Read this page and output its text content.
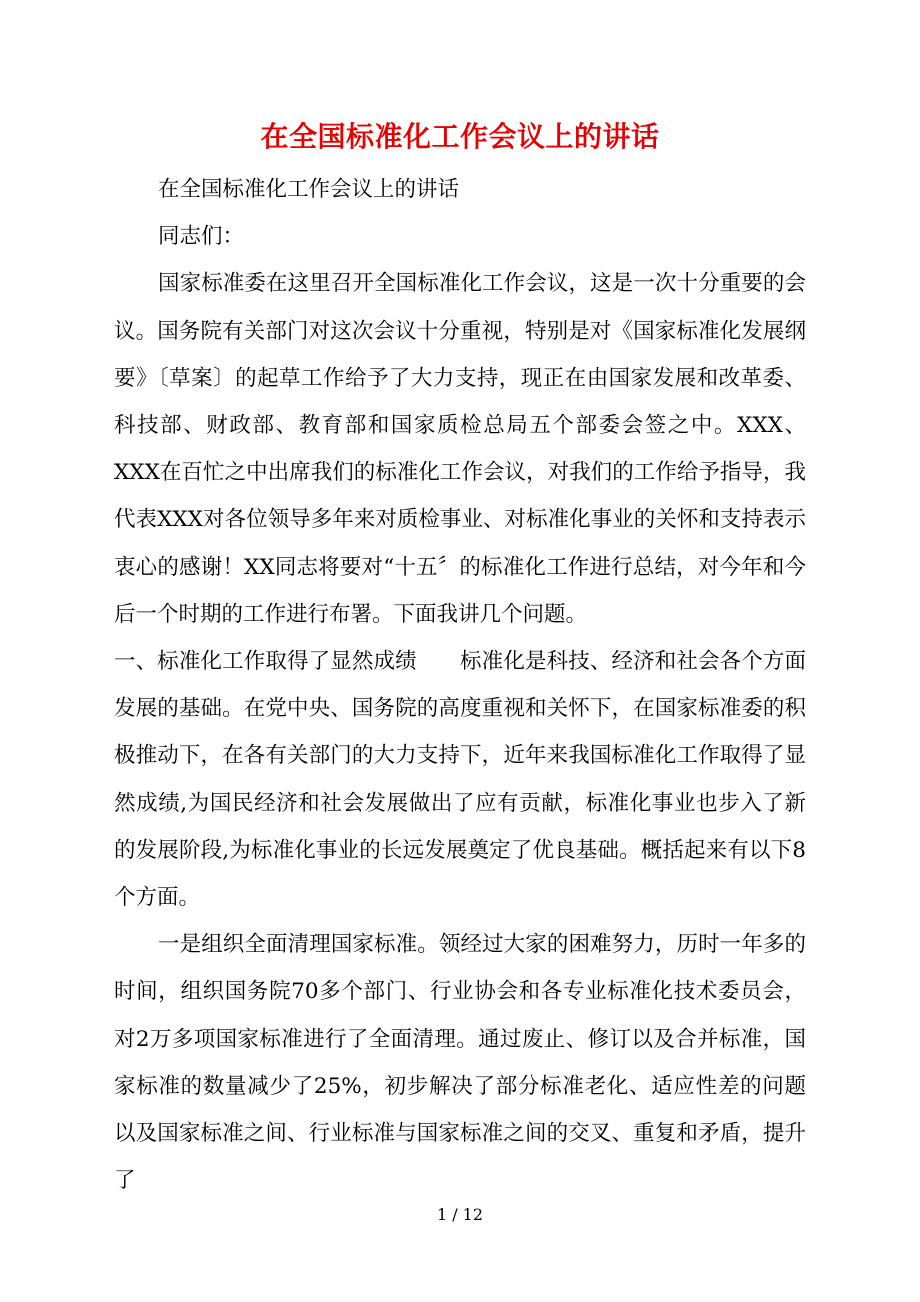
在全国标准化工作会议上的讲话

在全国标准化工作会议上的讲话

同志们：

国家标准委在这里召开全国标准化工作会议，这是一次十分重要的会议。国务院有关部门对这次会议十分重视，特别是对《国家标准化发展纲要》〔草案〕的起草工作给予了大力支持，现正在由国家发展和改革委、科技部、财政部、教育部和国家质检总局五个部委会签之中。XXX、XXX在百忙之中出席我们的标准化工作会议，对我们的工作给予指导，我代表XXX对各位领导多年来对质检事业、对标准化事业的关怀和支持表示衷心的感谢！XX同志将要对“十五〞的标准化工作进行总结，对今年和今后一个时期的工作进行布署。下面我讲几个问题。

一、标准化工作取得了显然成绩　　标准化是科技、经济和社会各个方面发展的基础。在党中央、国务院的高度重视和关怀下，在国家标准委的积极推动下，在各有关部门的大力支持下，近年来我国标准化工作取得了显然成绩,为国民经济和社会发展做出了应有贡献，标准化事业也步入了新的发展阶段,为标准化事业的长远发展奠定了优良基础。概括起来有以下8个方面。

一是组织全面清理国家标准。领经过大家的困难努力，历时一年多的时间，组织国务院70多个部门、行业协会和各专业标准化技术委员会，对2万多项国家标准进行了全面清理。通过废止、修订以及合并标准，国家标准的数量减少了25%，初步解决了部分标准老化、适应性差的问题以及国家标准之间、行业标准与国家标准之间的交叉、重复和矛盾，提升了

1 / 12
